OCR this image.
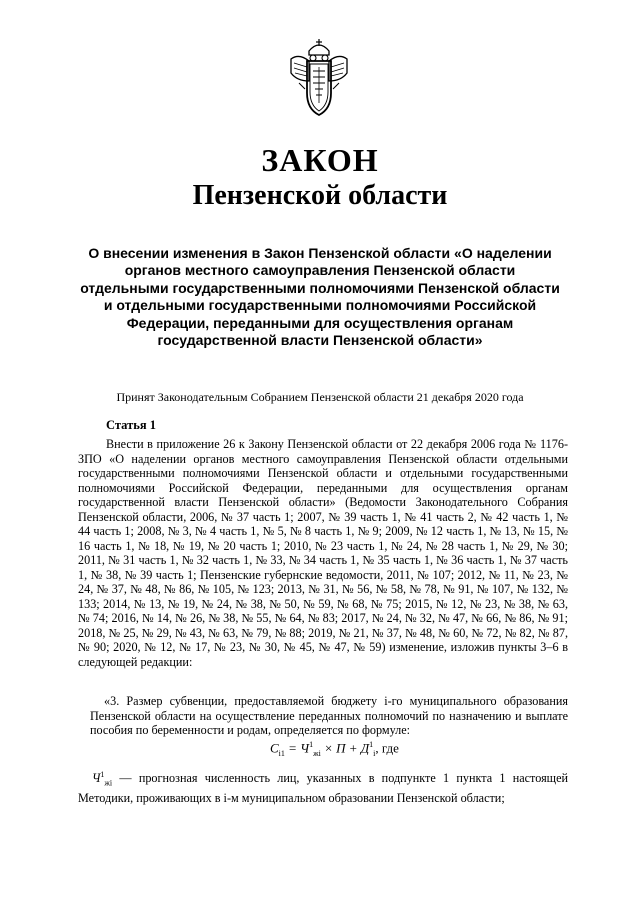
ЗАКОН
Пензенской области

О внесении изменения в Закон Пензенской области «О наделении органов местного самоуправления Пензенской области отдельными государственными полномочиями Пензенской области и отдельными государственными полномочиями Российской Федерации, переданными для осуществления органам государственной власти Пензенской области»

Принят Законодательным Собранием Пензенской области 21 декабря 2020 года
Статья 1

Внести в приложение 26 к Закону Пензенской области от 22 декабря 2006 года № 1176-ЗПО «О наделении органов местного самоуправления Пензенской области отдельными государственными полномочиями Пензенской области и отдельными государственными полномочиями Российской Федерации, переданными для осуществления органам государственной власти Пензенской области» (Ведомости Законодательного Собрания Пензенской области, 2006, № 37 часть 1; 2007, № 39 часть 1, № 41 часть 2, № 42 часть 1, № 44 часть 1; 2008, № 3, № 4 часть 1, № 5, № 8 часть 1, № 9; 2009, № 12 часть 1, № 13, № 15, № 16 часть 1, № 18, № 19, № 20 часть 1; 2010, № 23 часть 1, № 24, № 28 часть 1, № 29, № 30; 2011, № 31 часть 1, № 32 часть 1, № 33, № 34 часть 1, № 35 часть 1, № 36 часть 1, № 37 часть 1, № 38, № 39 часть 1; Пензенские губернские ведомости, 2011, № 107; 2012, № 11, № 23, № 24, № 37, № 48, № 86, № 105, № 123; 2013, № 31, № 56, № 58, № 78, № 91, № 107, № 132, № 133; 2014, № 13, № 19, № 24, № 38, № 50, № 59, № 68, № 75; 2015, № 12, № 23, № 38, № 63, № 74; 2016, № 14, № 26, № 38, № 55, № 64, № 83; 2017, № 24, № 32, № 47, № 66, № 86, № 91; 2018, № 25, № 29, № 43, № 63, № 79, № 88; 2019, № 21, № 37, № 48, № 60, № 72, № 82, № 87, № 90; 2020, № 12, № 17, № 23, № 30, № 45, № 47, № 59) изменение, изложив пункты 3–6 в следующей редакции:

«3. Размер субвенции, предоставляемой бюджету i-го муниципального образования Пензенской области на осуществление переданных полномочий по назначению и выплате пособия по беременности и родам, определяется по формуле:

$С_{i1} = Ч^1_{жi} \times П + Д^1_i$, где

$Ч^1_{жi}$ — прогнозная численность лиц, указанных в подпункте 1 пункта 1 настоящей Методики, проживающих в i-м муниципальном образовании Пензенской области;
